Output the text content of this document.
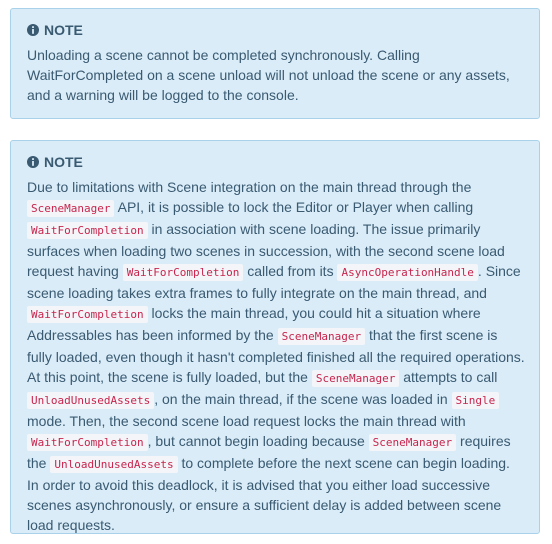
NOTE
Unloading a scene cannot be completed synchronously. Calling WaitForCompleted on a scene unload will not unload the scene or any assets, and a warning will be logged to the console.
NOTE
Due to limitations with Scene integration on the main thread through the SceneManager API, it is possible to lock the Editor or Player when calling WaitForCompletion in association with scene loading. The issue primarily surfaces when loading two scenes in succession, with the second scene load request having WaitForCompletion called from its AsyncOperationHandle . Since scene loading takes extra frames to fully integrate on the main thread, and WaitForCompletion locks the main thread, you could hit a situation where Addressables has been informed by the SceneManager that the first scene is fully loaded, even though it hasn't completed finished all the required operations. At this point, the scene is fully loaded, but the SceneManager attempts to call UnloadUnusedAssets , on the main thread, if the scene was loaded in Single mode. Then, the second scene load request locks the main thread with WaitForCompletion , but cannot begin loading because SceneManager requires the UnloadUnusedAssets to complete before the next scene can begin loading. In order to avoid this deadlock, it is advised that you either load successive scenes asynchronously, or ensure a sufficient delay is added between scene load requests.
